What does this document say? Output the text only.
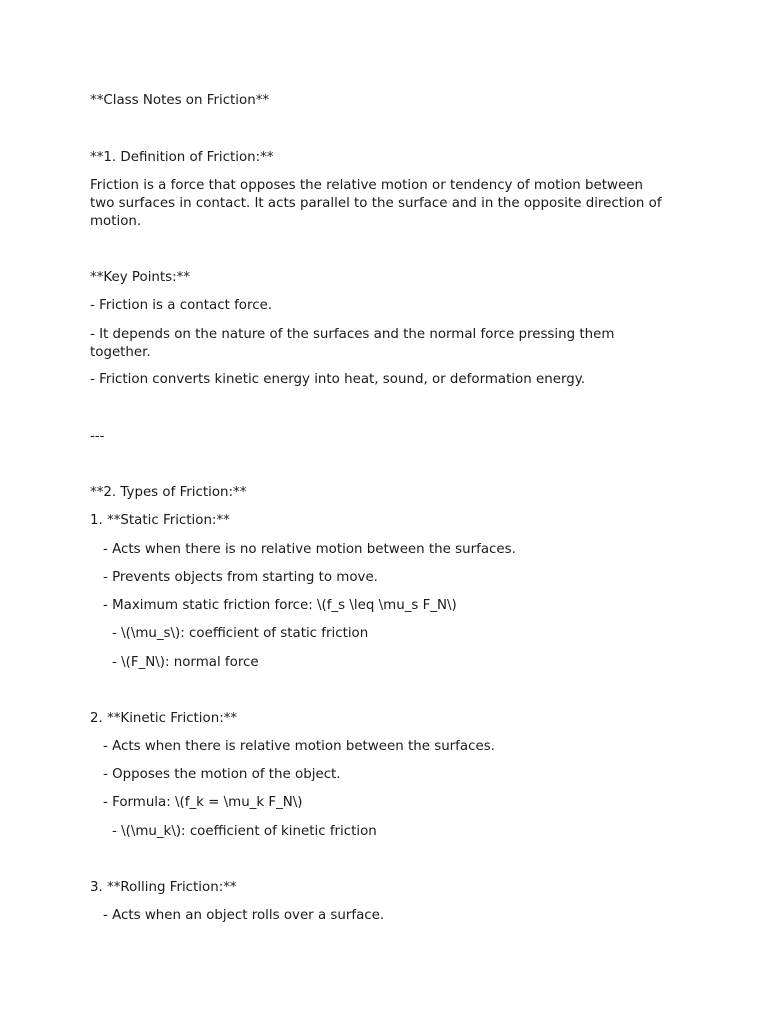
**Class Notes on Friction**
**1. Definition of Friction:**
Friction is a force that opposes the relative motion or tendency of motion between two surfaces in contact. It acts parallel to the surface and in the opposite direction of motion.
**Key Points:**
- Friction is a contact force.
- It depends on the nature of the surfaces and the normal force pressing them together.
- Friction converts kinetic energy into heat, sound, or deformation energy.
---
**2. Types of Friction:**
1. **Static Friction:**
- Acts when there is no relative motion between the surfaces.
- Prevents objects from starting to move.
- Maximum static friction force: \(f_s \leq \mu_s F_N\)
- \(\mu_s\): coefficient of static friction
- \(F_N\): normal force
2. **Kinetic Friction:**
- Acts when there is relative motion between the surfaces.
- Opposes the motion of the object.
- Formula: \(f_k = \mu_k F_N\)
- \(\mu_k\): coefficient of kinetic friction
3. **Rolling Friction:**
- Acts when an object rolls over a surface.
